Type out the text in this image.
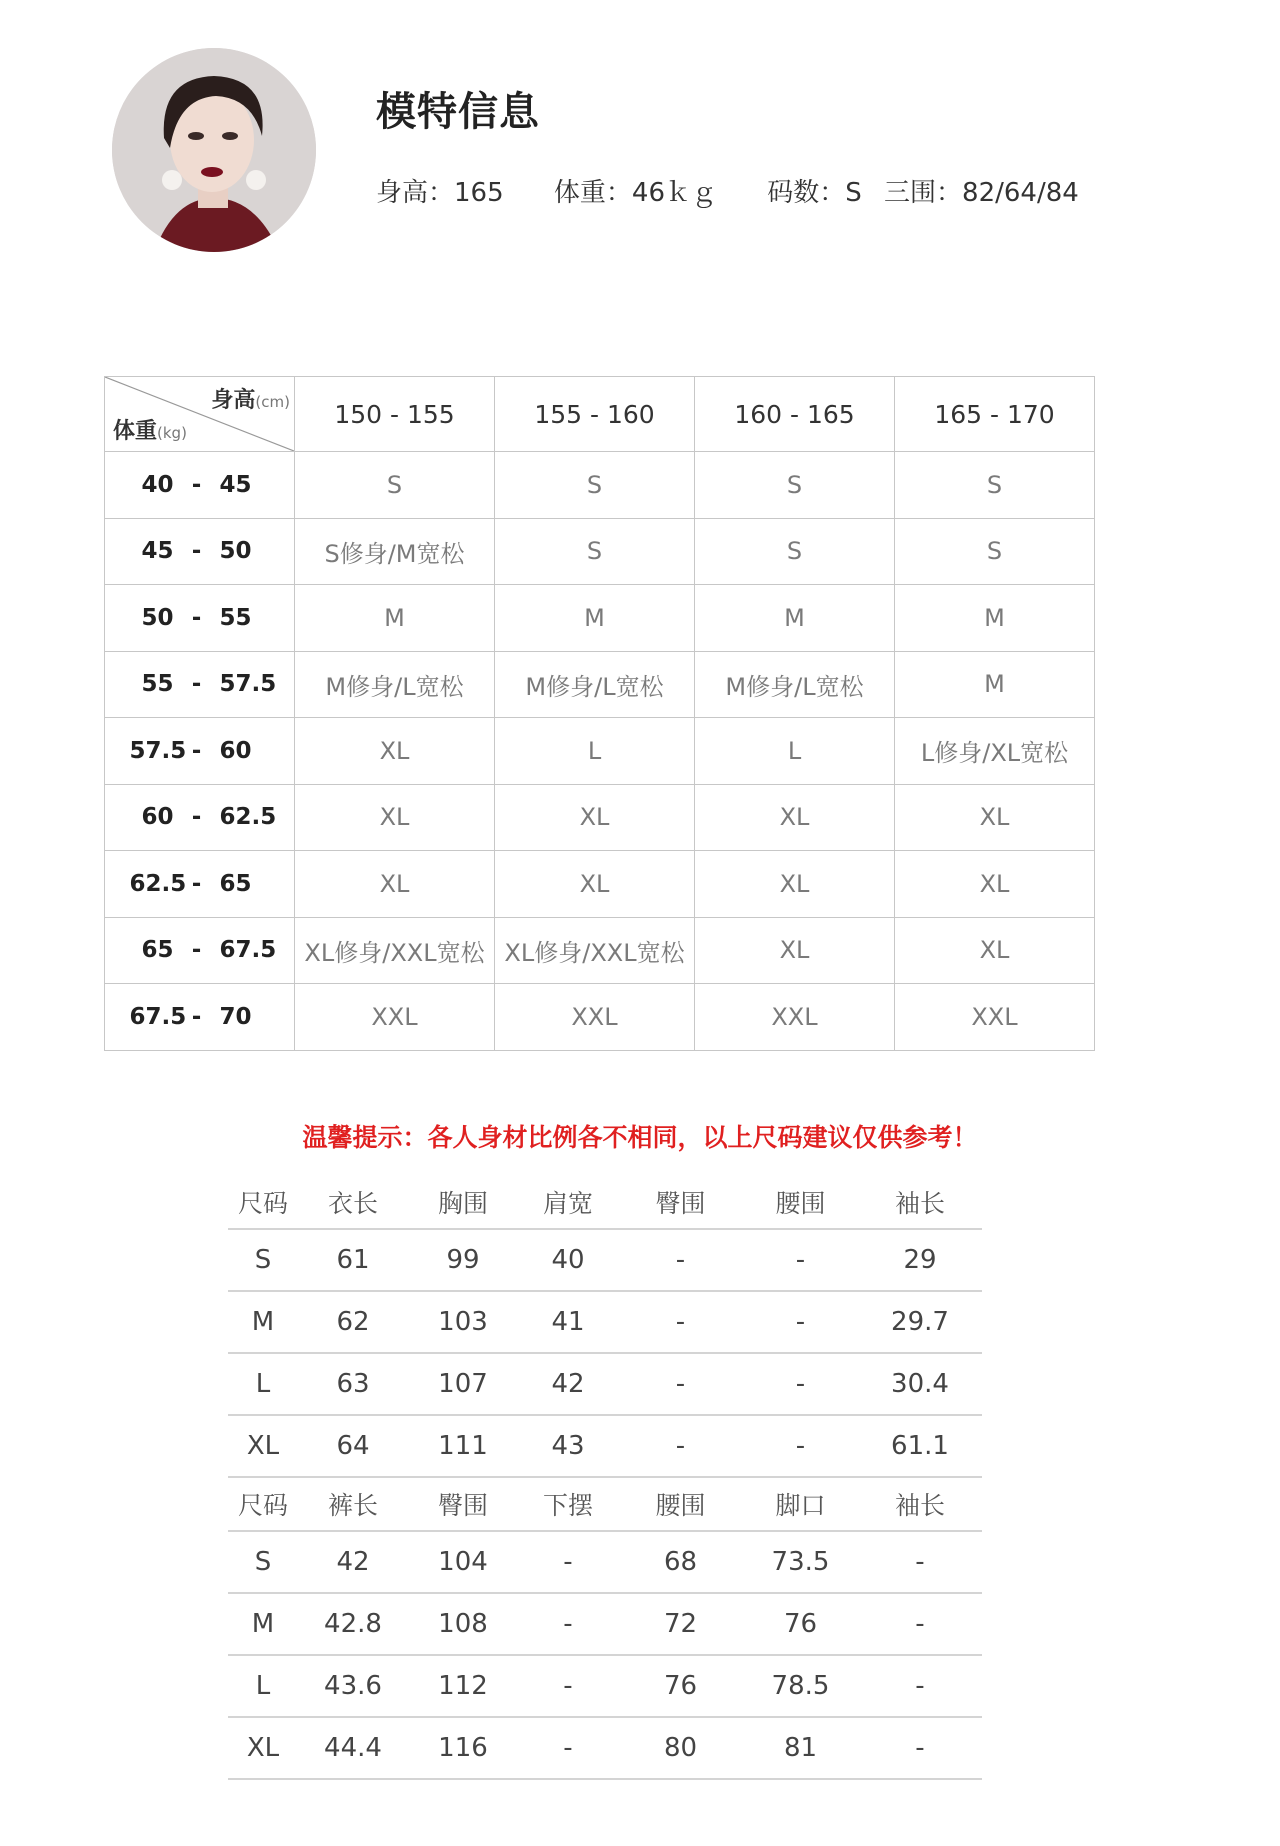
模特信息
身高：165 体重：46ｋｇ 码数：S 三围：82/64/84
身高(cm)
体重(kg)	150 - 155	155 - 160	160 - 165	165 - 170
40 - 45	S	S	S	S
45 - 50	S修身/M宽松	S	S	S
50 - 55	M	M	M	M
55 - 57.5	M修身/L宽松	M修身/L宽松	M修身/L宽松	M
57.5 - 60	XL	L	L	L修身/XL宽松
60 - 62.5	XL	XL	XL	XL
62.5 - 65	XL	XL	XL	XL
65 - 67.5	XL修身/XXL宽松	XL修身/XXL宽松	XL	XL
67.5 - 70	XXL	XXL	XXL	XXL
温馨提示：各人身材比例各不相同，以上尺码建议仅供参考！
尺码	衣长	胸围	肩宽	臀围	腰围	袖长
S	61	99	40	-	-	29
M	62	103	41	-	-	29.7
L	63	107	42	-	-	30.4
XL	64	111	43	-	-	61.1
尺码	裤长	臀围	下摆	腰围	脚口	袖长
S	42	104	-	68	73.5	-
M	42.8	108	-	72	76	-
L	43.6	112	-	76	78.5	-
XL	44.4	116	-	80	81	-
